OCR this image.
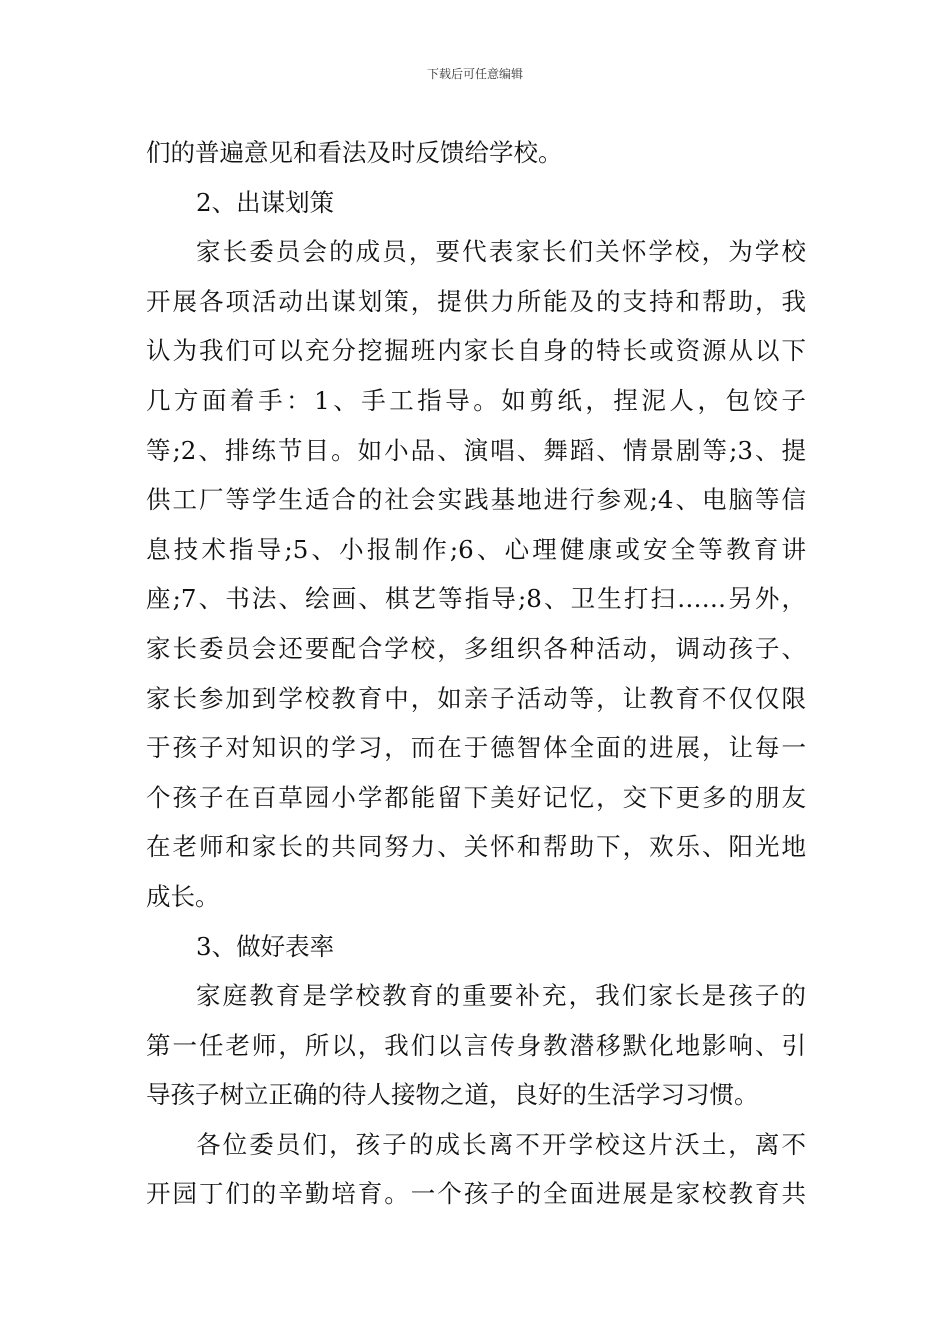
下载后可任意编辑
们的普遍意见和看法及时反馈给学校。
2、出谋划策
家长委员会的成员，要代表家长们关怀学校，为学校
开展各项活动出谋划策，提供力所能及的支持和帮助，我
认为我们可以充分挖掘班内家长自身的特长或资源从以下
几方面着手：1、手工指导。如剪纸，捏泥人，包饺子
等;2、排练节目。如小品、演唱、舞蹈、情景剧等;3、提
供工厂等学生适合的社会实践基地进行参观;4、电脑等信
息技术指导;5、小报制作;6、心理健康或安全等教育讲
座;7、书法、绘画、棋艺等指导;8、卫生打扫……另外，
家长委员会还要配合学校，多组织各种活动，调动孩子、
家长参加到学校教育中，如亲子活动等，让教育不仅仅限
于孩子对知识的学习，而在于德智体全面的进展，让每一
个孩子在百草园小学都能留下美好记忆，交下更多的朋友
在老师和家长的共同努力、关怀和帮助下，欢乐、阳光地
成长。
3、做好表率
家庭教育是学校教育的重要补充，我们家长是孩子的
第一任老师，所以，我们以言传身教潜移默化地影响、引
导孩子树立正确的待人接物之道，良好的生活学习习惯。
各位委员们，孩子的成长离不开学校这片沃土，离不
开园丁们的辛勤培育。一个孩子的全面进展是家校教育共
